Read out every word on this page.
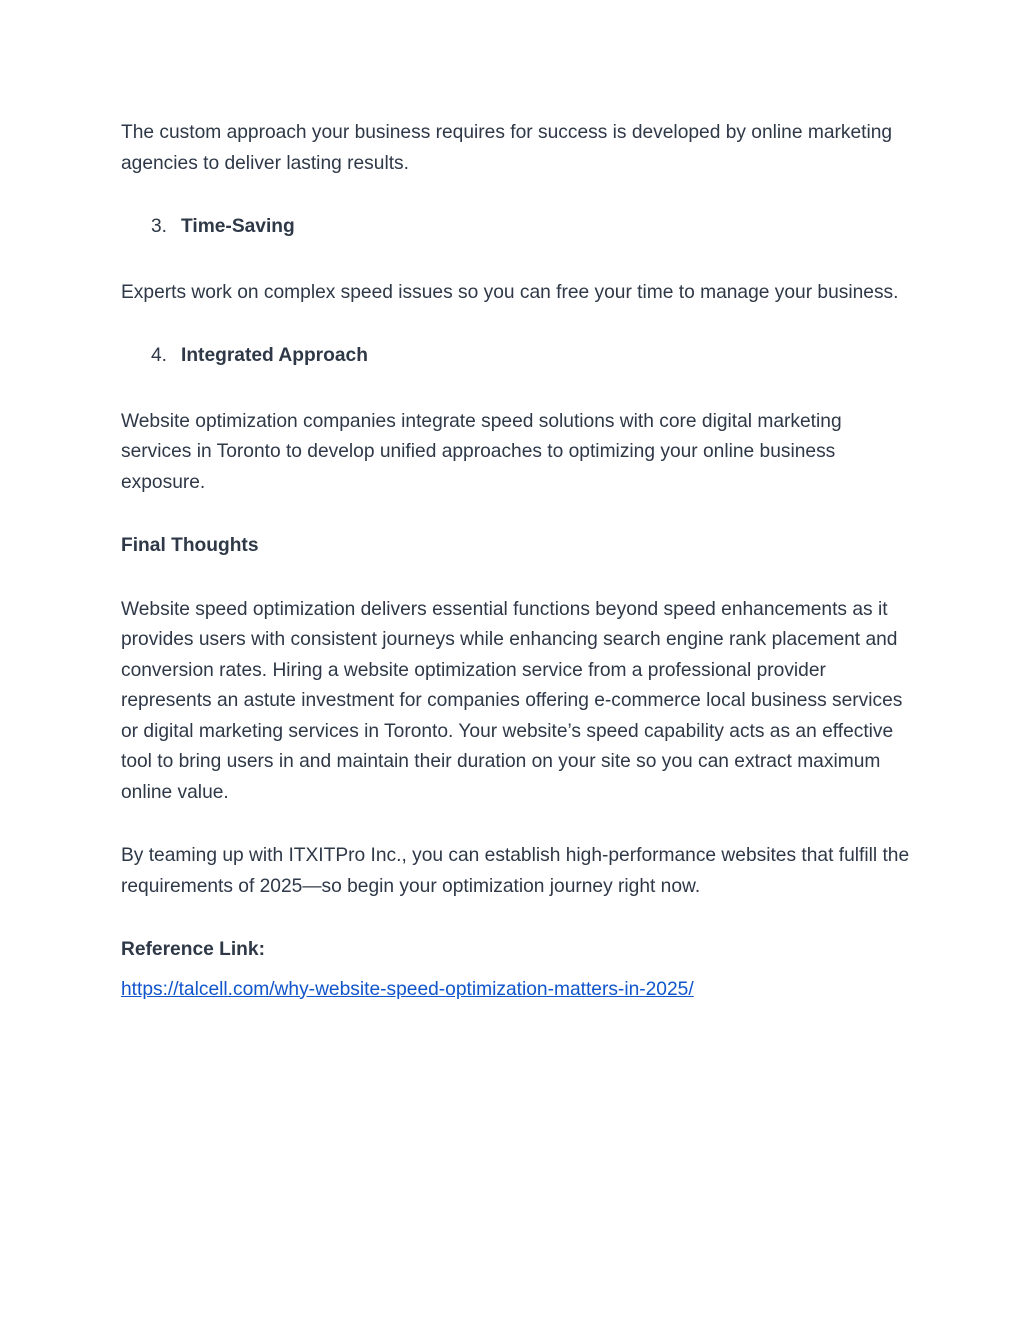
The custom approach your business requires for success is developed by online marketing agencies to deliver lasting results.

3. Time-Saving

Experts work on complex speed issues so you can free your time to manage your business.

4. Integrated Approach

Website optimization companies integrate speed solutions with core digital marketing services in Toronto to develop unified approaches to optimizing your online business exposure.

Final Thoughts

Website speed optimization delivers essential functions beyond speed enhancements as it provides users with consistent journeys while enhancing search engine rank placement and conversion rates. Hiring a website optimization service from a professional provider represents an astute investment for companies offering e-commerce local business services or digital marketing services in Toronto. Your website’s speed capability acts as an effective tool to bring users in and maintain their duration on your site so you can extract maximum online value.

By teaming up with ITXITPro Inc., you can establish high-performance websites that fulfill the requirements of 2025—so begin your optimization journey right now.

Reference Link:

https://talcell.com/why-website-speed-optimization-matters-in-2025/
